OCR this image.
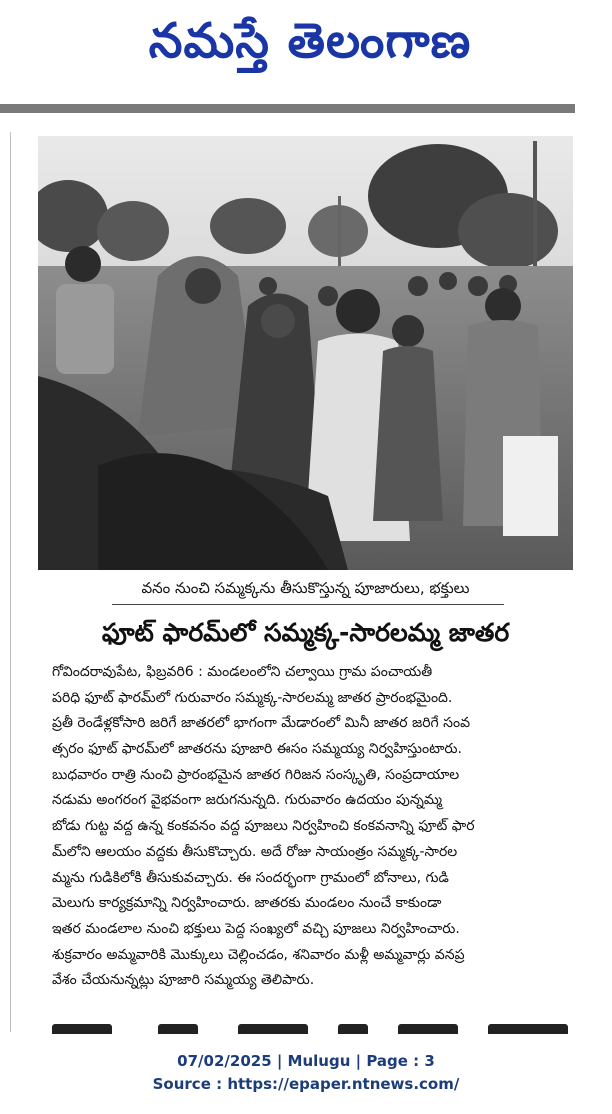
నమస్తే తెలంగాణ
వనం నుంచి సమ్మక్కను తీసుకొస్తున్న పూజారులు, భక్తులు
ఫూట్ ఫారమ్‌లో సమ్మక్క-సారలమ్మ జాతర
గోవిందరావుపేట, ఫిబ్రవరి6 : మండలంలోని చల్వాయి గ్రామ పంచాయతీ
పరిధి ఫూట్ ఫారమ్‌లో గురువారం సమ్మక్క-సారలమ్మ జాతర ప్రారంభమైంది.
ప్రతీ రెండేళ్లకోసారి జరిగే జాతరలో భాగంగా మేడారంలో మినీ జాతర జరిగే సంవ
త్సరం ఫూట్ ఫారమ్‌లో జాతరను పూజారి ఈసం సమ్మయ్య నిర్వహిస్తుంటారు.
బుధవారం రాత్రి నుంచి ప్రారంభమైన జాతర గిరిజన సంస్కృతి, సంప్రదాయాల
నడుమ అంగరంగ వైభవంగా జరుగనున్నది. గురువారం ఉదయం పున్నమ్మ
బోడు గుట్ట వద్ద ఉన్న కంకవనం వద్ద పూజలు నిర్వహించి కంకవనాన్ని ఫూట్ ఫార
మ్‌లోని ఆలయం వద్దకు తీసుకొచ్చారు. అదే రోజు సాయంత్రం సమ్మక్క-సారల
మ్మను గుడికిలోకి తీసుకువచ్చారు. ఈ సందర్భంగా గ్రామంలో బోనాలు, గుడి
మెలుగు కార్యక్రమాన్ని నిర్వహించారు. జాతరకు మండలం నుంచే కాకుండా
ఇతర మండలాల నుంచి భక్తులు పెద్ద సంఖ్యలో వచ్చి పూజలు నిర్వహించారు.
శుక్రవారం అమ్మవారికి మొక్కులు చెల్లించడం, శనివారం మళ్లీ అమ్మవార్లు వనప్ర
వేశం చేయనున్నట్లు పూజారి సమ్మయ్య తెలిపారు.
07/02/2025 | Mulugu | Page : 3
Source : https://epaper.ntnews.com/
